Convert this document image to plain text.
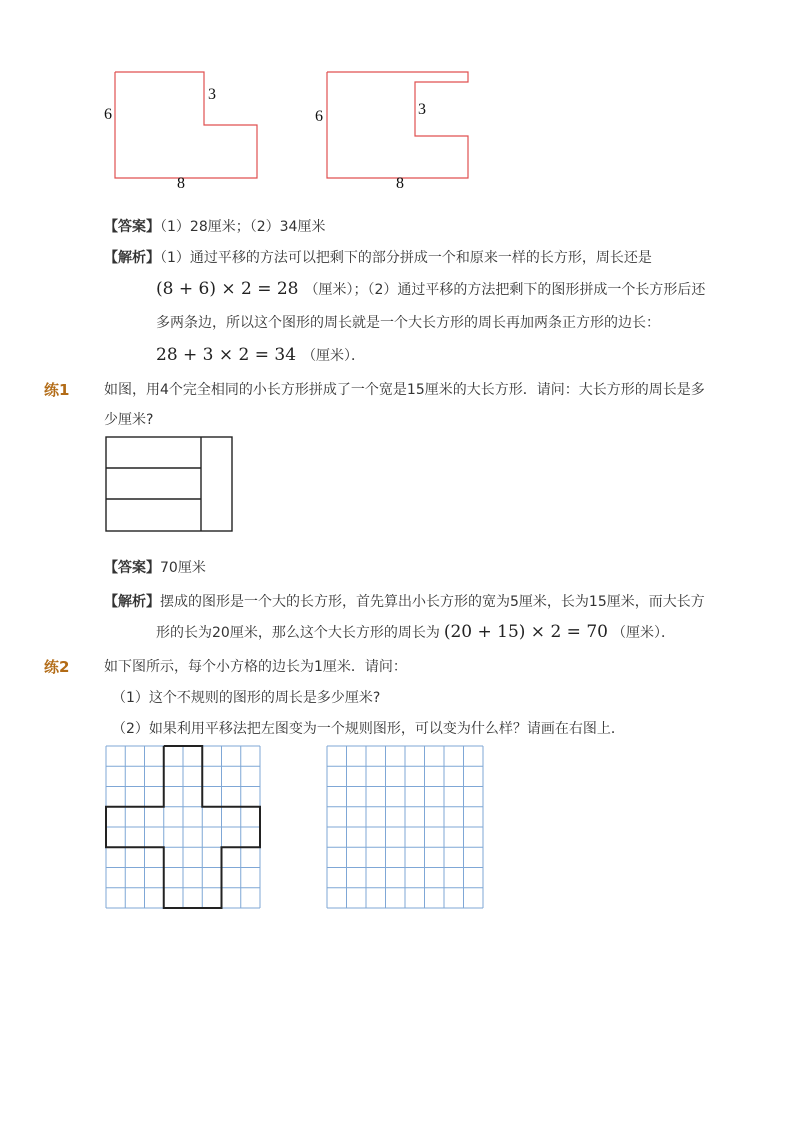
6
3
8
6	3
8
【答案】（1）28厘米；（2）34厘米
【解析】（1）通过平移的方法可以把剩下的部分拼成一个和原来一样的长方形，周长还是
(8 + 6) × 2 = 28 （厘米）；（2）通过平移的方法把剩下的图形拼成一个长方形后还
多两条边，所以这个图形的周长就是一个大长方形的周长再加两条正方形的边长：
28 + 3 × 2 = 34 （厘米）．
练1 如图，用4个完全相同的小长方形拼成了一个宽是15厘米的大长方形．请问：大长方形的周长是多
少厘米?
【答案】70厘米
【解析】摆成的图形是一个大的长方形，首先算出小长方形的宽为5厘米，长为15厘米，而大长方
形的长为20厘米，那么这个大长方形的周长为 (20 + 15) × 2 = 70 （厘米）．
练2 如下图所示，每个小方格的边长为1厘米．请问：
（1）这个不规则的图形的周长是多少厘米?
（2）如果利用平移法把左图变为一个规则图形，可以变为什么样？请画在右图上．
